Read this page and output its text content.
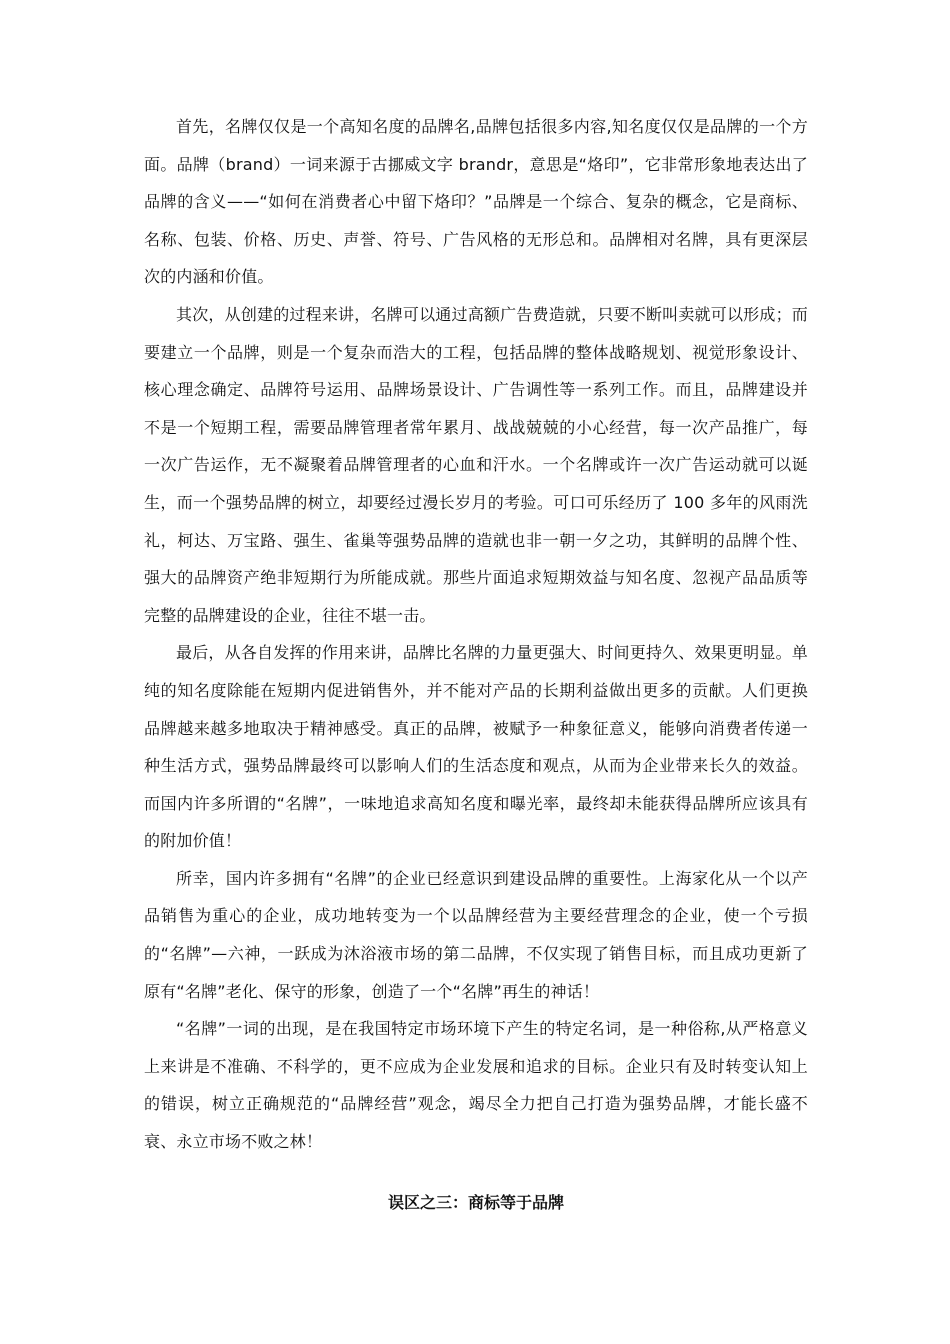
首先，名牌仅仅是一个高知名度的品牌名,品牌包括很多内容,知名度仅仅是品牌的一个方面。品牌（brand）一词来源于古挪威文字 brandr，意思是“烙印”，它非常形象地表达出了品牌的含义——“如何在消费者心中留下烙印？”品牌是一个综合、复杂的概念，它是商标、名称、包装、价格、历史、声誉、符号、广告风格的无形总和。品牌相对名牌，具有更深层次的内涵和价值。

其次，从创建的过程来讲，名牌可以通过高额广告费造就，只要不断叫卖就可以形成；而要建立一个品牌，则是一个复杂而浩大的工程，包括品牌的整体战略规划、视觉形象设计、核心理念确定、品牌符号运用、品牌场景设计、广告调性等一系列工作。而且，品牌建设并不是一个短期工程，需要品牌管理者常年累月、战战兢兢的小心经营，每一次产品推广，每一次广告运作，无不凝聚着品牌管理者的心血和汗水。一个名牌或许一次广告运动就可以诞生，而一个强势品牌的树立，却要经过漫长岁月的考验。可口可乐经历了 100 多年的风雨洗礼，柯达、万宝路、强生、雀巢等强势品牌的造就也非一朝一夕之功，其鲜明的品牌个性、强大的品牌资产绝非短期行为所能成就。那些片面追求短期效益与知名度、忽视产品品质等完整的品牌建设的企业，往往不堪一击。

最后，从各自发挥的作用来讲，品牌比名牌的力量更强大、时间更持久、效果更明显。单纯的知名度除能在短期内促进销售外，并不能对产品的长期利益做出更多的贡献。人们更换品牌越来越多地取决于精神感受。真正的品牌，被赋予一种象征意义，能够向消费者传递一种生活方式，强势品牌最终可以影响人们的生活态度和观点，从而为企业带来长久的效益。而国内许多所谓的“名牌”，一味地追求高知名度和曝光率，最终却未能获得品牌所应该具有的附加价值！

所幸，国内许多拥有“名牌”的企业已经意识到建设品牌的重要性。上海家化从一个以产品销售为重心的企业，成功地转变为一个以品牌经营为主要经营理念的企业，使一个亏损的“名牌”—六神，一跃成为沐浴液市场的第二品牌，不仅实现了销售目标，而且成功更新了原有“名牌”老化、保守的形象，创造了一个“名牌”再生的神话！

“名牌”一词的出现，是在我国特定市场环境下产生的特定名词，是一种俗称,从严格意义上来讲是不准确、不科学的，更不应成为企业发展和追求的目标。企业只有及时转变认知上的错误，树立正确规范的“品牌经营”观念，竭尽全力把自己打造为强势品牌，才能长盛不衰、永立市场不败之林！

误区之三：商标等于品牌
